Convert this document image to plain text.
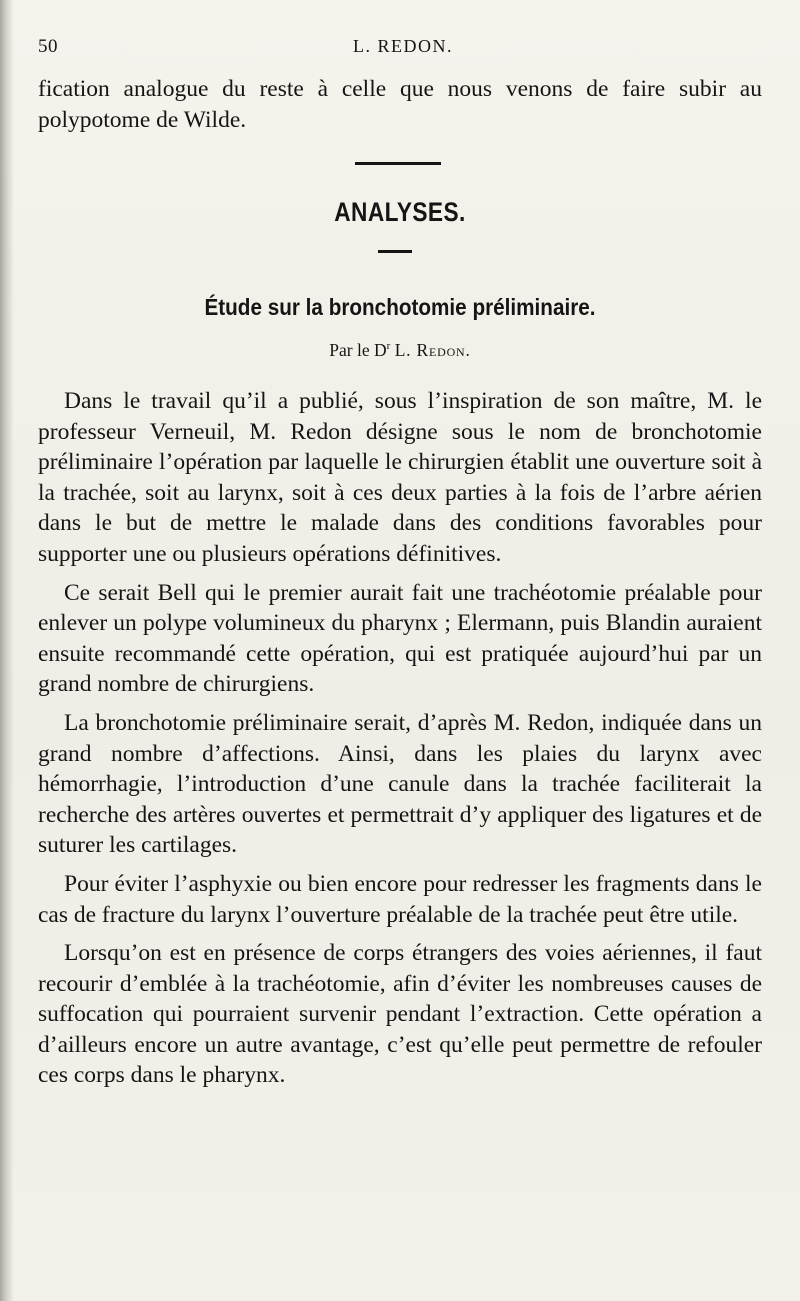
50	L. REDON.
fication analogue du reste à celle que nous venons de faire subir au polypotome de Wilde.
ANALYSES.
Étude sur la bronchotomie préliminaire.
Par le $D^r$ L. Redon.

Dans le travail qu’il a publié, sous l’inspiration de son maître, M. le professeur Verneuil, M. Redon désigne sous le nom de bronchotomie préliminaire l’opération par laquelle le chirurgien établit une ouverture soit à la trachée, soit au larynx, soit à ces deux parties à la fois de l’arbre aérien dans le but de mettre le malade dans des conditions favorables pour supporter une ou plusieurs opérations définitives.

Ce serait Bell qui le premier aurait fait une trachéotomie préalable pour enlever un polype volumineux du pharynx ; Elermann, puis Blandin auraient ensuite recommandé cette opération, qui est pratiquée aujourd’hui par un grand nombre de chirurgiens.

La bronchotomie préliminaire serait, d’après M. Redon, indiquée dans un grand nombre d’affections. Ainsi, dans les plaies du larynx avec hémorrhagie, l’introduction d’une canule dans la trachée faciliterait la recherche des artères ouvertes et permettrait d’y appliquer des ligatures et de suturer les cartilages.

Pour éviter l’asphyxie ou bien encore pour redresser les fragments dans le cas de fracture du larynx l’ouverture préalable de la trachée peut être utile.

Lorsqu’on est en présence de corps étrangers des voies aériennes, il faut recourir d’emblée à la trachéotomie, afin d’éviter les nombreuses causes de suffocation qui pourraient survenir pendant l’extraction. Cette opération a d’ailleurs encore un autre avantage, c’est qu’elle peut permettre de refouler ces corps dans le pharynx.
